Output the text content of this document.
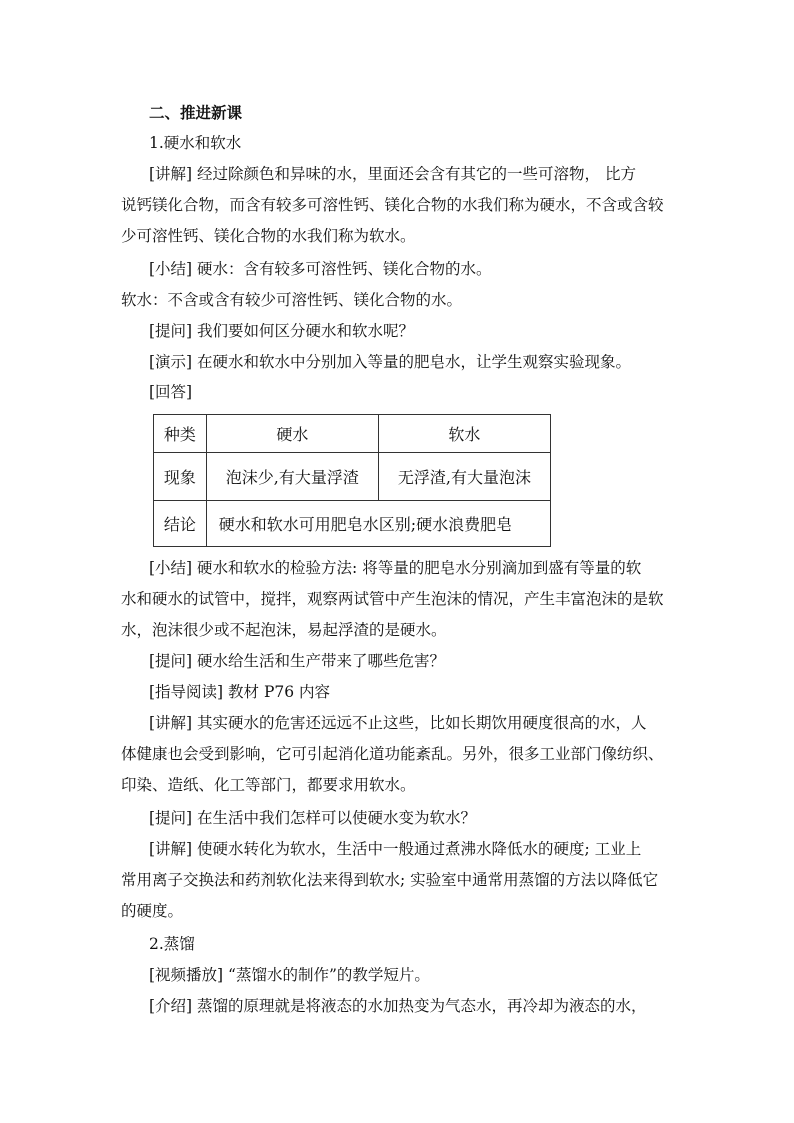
二、推进新课
1.硬水和软水
[讲解] 经过除颜色和异味的水，里面还会含有其它的一些可溶物， 比方
说钙镁化合物，而含有较多可溶性钙、镁化合物的水我们称为硬水，不含或含较
少可溶性钙、镁化合物的水我们称为软水。
[小结] 硬水：含有较多可溶性钙、镁化合物的水。
软水：不含或含有较少可溶性钙、镁化合物的水。
[提问] 我们要如何区分硬水和软水呢？
[演示] 在硬水和软水中分别加入等量的肥皂水，让学生观察实验现象。
[回答]
种类	硬水	软水
现象	泡沫少,有大量浮渣	无浮渣,有大量泡沫
结论	硬水和软水可用肥皂水区别;硬水浪费肥皂	
[小结] 硬水和软水的检验方法: 将等量的肥皂水分别滴加到盛有等量的软
水和硬水的试管中，搅拌，观察两试管中产生泡沫的情况，产生丰富泡沫的是软
水，泡沫很少或不起泡沫，易起浮渣的是硬水。
[提问] 硬水给生活和生产带来了哪些危害？
[指导阅读] 教材 P76 内容
[讲解] 其实硬水的危害还远远不止这些，比如长期饮用硬度很高的水，人
体健康也会受到影响，它可引起消化道功能紊乱。另外，很多工业部门像纺织、
印染、造纸、化工等部门，都要求用软水。
[提问] 在生活中我们怎样可以使硬水变为软水？
[讲解] 使硬水转化为软水，生活中一般通过煮沸水降低水的硬度; 工业上
常用离子交换法和药剂软化法来得到软水; 实验室中通常用蒸馏的方法以降低它
的硬度。
2.蒸馏
[视频播放] “蒸馏水的制作”的教学短片。
[介绍] 蒸馏的原理就是将液态的水加热变为气态水，再冷却为液态的水，
